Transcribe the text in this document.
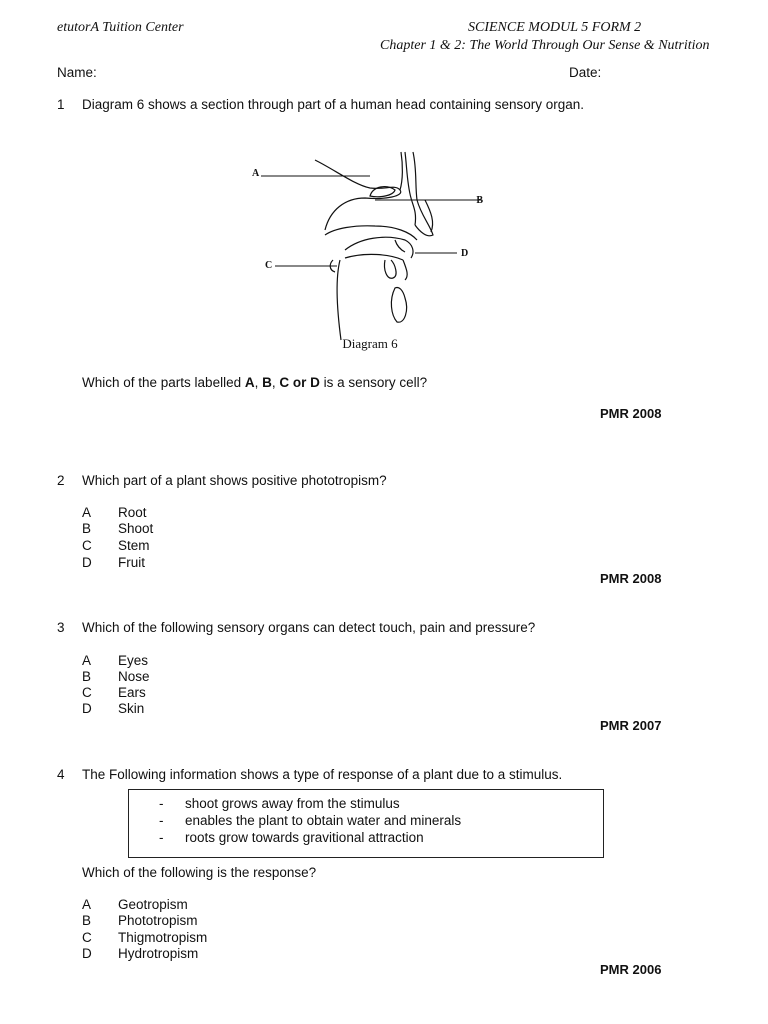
etutorA Tuition Center	SCIENCE MODUL 5 FORM 2
Chapter 1 & 2: The World Through Our Sense & Nutrition
Name:	Date:
1 Diagram 6 shows a section through part of a human head containing sensory organ.
A
B
C
D
Diagram 6
Which of the parts labelled A, B, C or D is a sensory cell?
PMR 2008
2 Which part of a plant shows positive phototropism?
A	Root
B	Shoot
C	Stem
D	Fruit
PMR 2008
3 Which of the following sensory organs can detect touch, pain and pressure?
A	Eyes
B	Nose
C	Ears
D	Skin
PMR 2007
4 The Following information shows a type of response of a plant due to a stimulus.
-	shoot grows away from the stimulus
-	enables the plant to obtain water and minerals
-	roots grow towards gravitional attraction
Which of the following is the response?
A	Geotropism
B	Phototropism
C	Thigmotropism
D	Hydrotropism
PMR 2006
